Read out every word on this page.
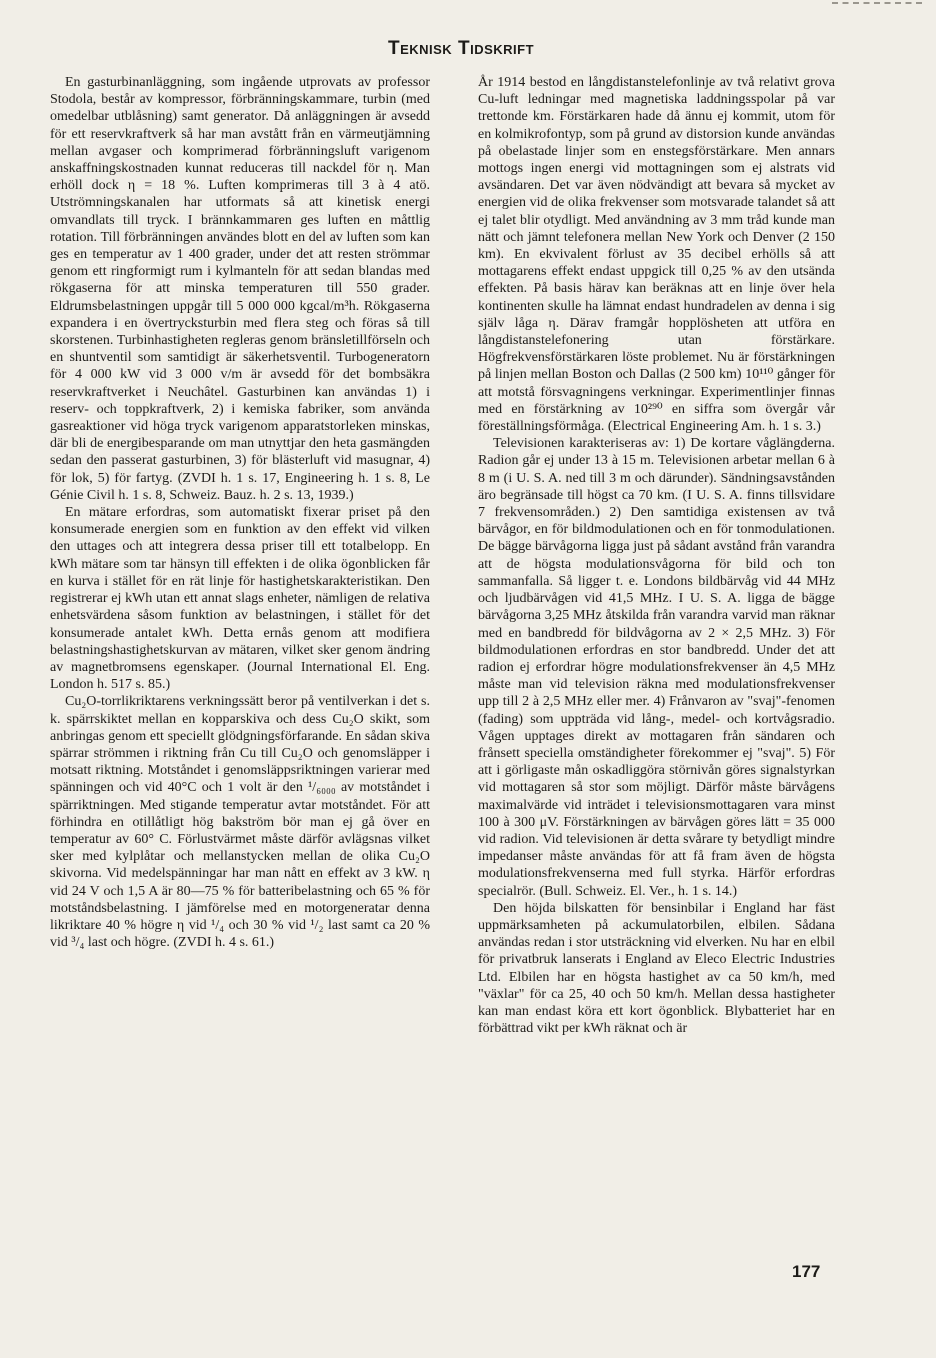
Teknisk Tidskrift

En gasturbinanläggning, som ingående utprovats av professor Stodola, består av kompressor, förbränningskammare, turbin (med omedelbar utblåsning) samt generator. Då anläggningen är avsedd för ett reservkraftverk så har man avstått från en värmeutjämning mellan avgaser och komprimerad förbränningsluft varigenom anskaffningskostnaden kunnat reduceras till nackdel för η. Man erhöll dock η = 18 %. Luften komprimeras till 3 à 4 atö. Utströmningskanalen har utformats så att kinetisk energi omvandlats till tryck. I brännkammaren ges luften en måttlig rotation. Till förbränningen användes blott en del av luften som kan ges en temperatur av 1 400 grader, under det att resten strömmar genom ett ringformigt rum i kylmanteln för att sedan blandas med rökgaserna för att minska temperaturen till 550 grader. Eldrumsbelastningen uppgår till 5 000 000 kgcal/m³h. Rökgaserna expandera i en övertrycksturbin med flera steg och föras så till skorstenen. Turbinhastigheten regleras genom bränsletillförseln och en shuntventil som samtidigt är säkerhetsventil. Turbogeneratorn för 4 000 kW vid 3 000 v/m är avsedd för det bombsäkra reservkraftverket i Neuchâtel. Gasturbinen kan användas 1) i reserv- och toppkraftverk, 2) i kemiska fabriker, som använda gasreaktioner vid höga tryck varigenom apparatstorleken minskas, där bli de energibesparande om man utnyttjar den heta gasmängden sedan den passerat gasturbinen, 3) för blästerluft vid masugnar, 4) för lok, 5) för fartyg. (ZVDI h. 1 s. 17, Engineering h. 1 s. 8, Le Génie Civil h. 1 s. 8, Schweiz. Bauz. h. 2 s. 13, 1939.)

En mätare erfordras, som automatiskt fixerar priset på den konsumerade energien som en funktion av den effekt vid vilken den uttages och att integrera dessa priser till ett totalbelopp. En kWh mätare som tar hänsyn till effekten i de olika ögonblicken får en kurva i stället för en rät linje för hastighetskarakteristikan. Den registrerar ej kWh utan ett annat slags enheter, nämligen de relativa enhetsvärdena såsom funktion av belastningen, i stället för det konsumerade antalet kWh. Detta ernås genom att modifiera belastningshastighetskurvan av mätaren, vilket sker genom ändring av magnetbromsens egenskaper. (Journal International El. Eng. London h. 517 s. 85.)

Cu₂O-torrlikriktarens verkningssätt beror på ventilverkan i det s. k. spärrskiktet mellan en kopparskiva och dess Cu₂O skikt, som anbringas genom ett speciellt glödgningsförfarande. En sådan skiva spärrar strömmen i riktning från Cu till Cu₂O och genomsläpper i motsatt riktning. Motståndet i genomsläppsriktningen varierar med spänningen och vid 40°C och 1 volt är den ¹/₆₀₀₀ av motståndet i spärriktningen. Med stigande temperatur avtar motståndet. För att förhindra en otillåtligt hög bakström bör man ej gå över en temperatur av 60° C. Förlustvärmet måste därför avlägsnas vilket sker med kylplåtar och mellanstycken mellan de olika Cu₂O skivorna. Vid medelspänningar har man nått en effekt av 3 kW. η vid 24 V och 1,5 A är 80—75 % för batteribelastning och 65 % för motståndsbelastning. I jämförelse med en motorgeneratar denna likriktare 40 % högre η vid ¹/₄ och 30 % vid ¹/₂ last samt ca 20 % vid ³/₄ last och högre. (ZVDI h. 4 s. 61.)

År 1914 bestod en långdistanstelefonlinje av två relativt grova Cu-luft ledningar med magnetiska laddningsspolar på var trettonde km. Förstärkaren hade då ännu ej kommit, utom för en kolmikrofontyp, som på grund av distorsion kunde användas på obelastade linjer som en enstegsförstärkare. Men annars mottogs ingen energi vid mottagningen som ej alstrats vid avsändaren. Det var även nödvändigt att bevara så mycket av energien vid de olika frekvenser som motsvarade talandet så att ej talet blir otydligt. Med användning av 3 mm tråd kunde man nätt och jämnt telefonera mellan New York och Denver (2 150 km). En ekvivalent förlust av 35 decibel erhölls så att mottagarens effekt endast uppgick till 0,25 % av den utsända effekten. På basis härav kan beräknas att en linje över hela kontinenten skulle ha lämnat endast hundradelen av denna i sig själv låga η. Därav framgår hopplösheten att utföra en långdistanstelefonering utan förstärkare. Högfrekvensförstärkaren löste problemet. Nu är förstärkningen på linjen mellan Boston och Dallas (2 500 km) 10¹¹⁰ gånger för att motstå försvagningens verkningar. Experimentlinjer finnas med en förstärkning av 10²⁹⁰ en siffra som övergår vår föreställningsförmåga. (Electrical Engineering Am. h. 1 s. 3.)

Televisionen karakteriseras av: 1) De kortare våglängderna. Radion går ej under 13 à 15 m. Televisionen arbetar mellan 6 à 8 m (i U. S. A. ned till 3 m och därunder). Sändningsavstånden äro begränsade till högst ca 70 km. (I U. S. A. finns tillsvidare 7 frekvensområden.) 2) Den samtidiga existensen av två bärvågor, en för bildmodulationen och en för tonmodulationen. De bägge bärvågorna ligga just på sådant avstånd från varandra att de högsta modulationsvågorna för bild och ton sammanfalla. Så ligger t. e. Londons bildbärvåg vid 44 MHz och ljudbärvågen vid 41,5 MHz. I U. S. A. ligga de bägge bärvågorna 3,25 MHz åtskilda från varandra varvid man räknar med en bandbredd för bildvågorna av 2 × 2,5 MHz. 3) För bildmodulationen erfordras en stor bandbredd. Under det att radion ej erfordrar högre modulationsfrekvenser än 4,5 MHz måste man vid television räkna med modulationsfrekvenser upp till 2 à 2,5 MHz eller mer. 4) Frånvaron av "svaj"-fenomen (fading) som uppträda vid lång-, medel- och kortvågsradio. Vågen upptages direkt av mottagaren från sändaren och frånsett speciella omständigheter förekommer ej "svaj". 5) För att i görligaste mån oskadliggöra störnivån göres signalstyrkan vid mottagaren så stor som möjligt. Därför måste bärvågens maximalvärde vid inträdet i televisionsmottagaren vara minst 100 à 300 μV. Förstärkningen av bärvågen göres lätt = 35 000 vid radion. Vid televisionen är detta svårare ty betydligt mindre impedanser måste användas för att få fram även de högsta modulationsfrekvenserna med full styrka. Härför erfordras specialrör. (Bull. Schweiz. El. Ver., h. 1 s. 14.)

Den höjda bilskatten för bensinbilar i England har fäst uppmärksamheten på ackumulatorbilen, elbilen. Sådana användas redan i stor utsträckning vid elverken. Nu har en elbil för privatbruk lanserats i England av Eleco Electric Industries Ltd. Elbilen har en högsta hastighet av ca 50 km/h, med "växlar" för ca 25, 40 och 50 km/h. Mellan dessa hastigheter kan man endast köra ett kort ögonblick. Blybatteriet har en förbättrad vikt per kWh räknat och är

177
